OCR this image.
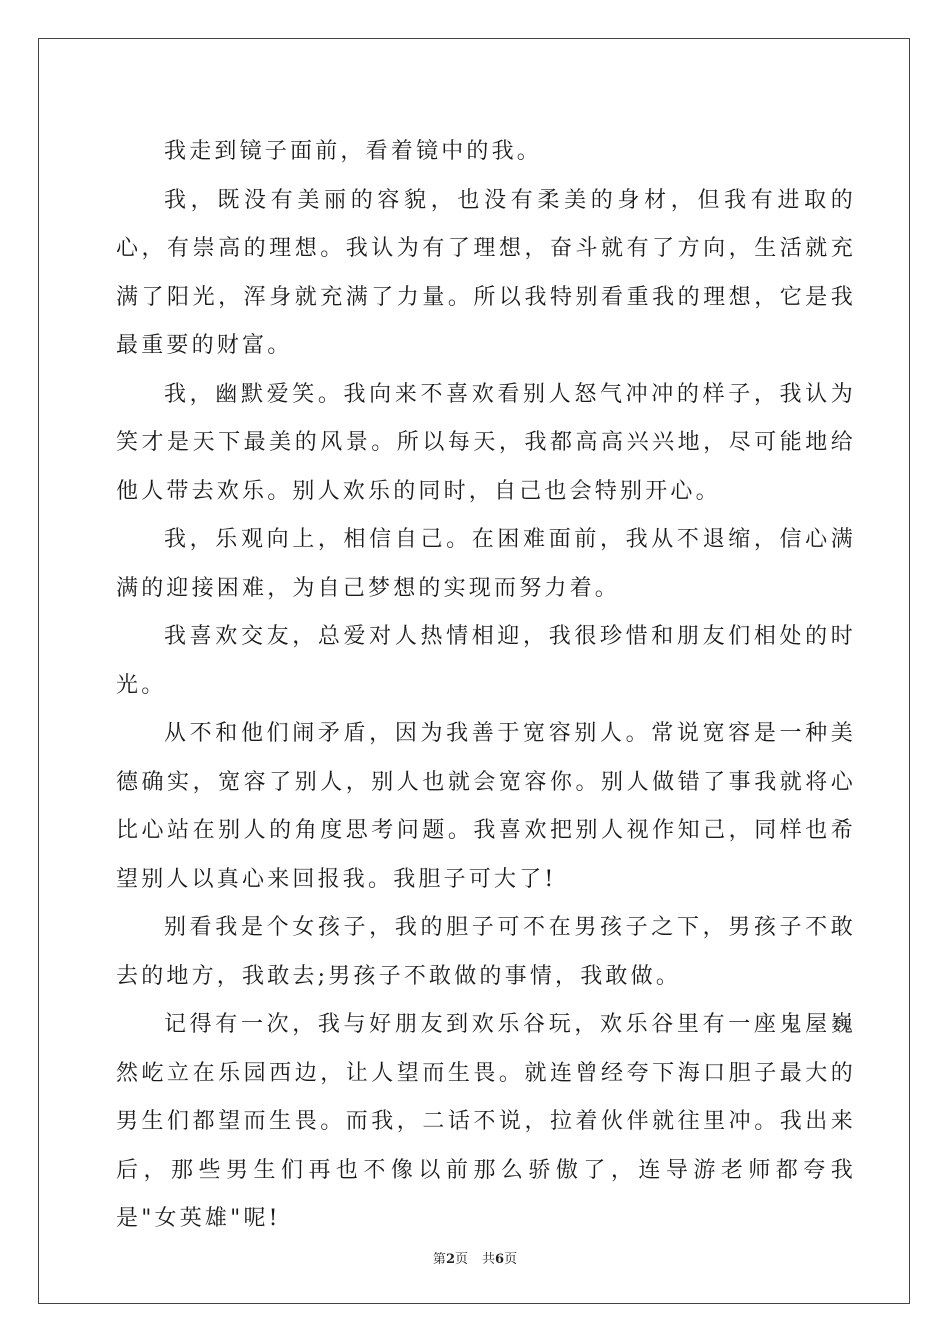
我走到镜子面前，看着镜中的我。

我，既没有美丽的容貌，也没有柔美的身材，但我有进取的心，有崇高的理想。我认为有了理想，奋斗就有了方向，生活就充满了阳光，浑身就充满了力量。所以我特别看重我的理想，它是我最重要的财富。

我，幽默爱笑。我向来不喜欢看别人怒气冲冲的样子，我认为笑才是天下最美的风景。所以每天，我都高高兴兴地，尽可能地给他人带去欢乐。别人欢乐的同时，自己也会特别开心。

我，乐观向上，相信自己。在困难面前，我从不退缩，信心满满的迎接困难，为自己梦想的实现而努力着。

我喜欢交友，总爱对人热情相迎，我很珍惜和朋友们相处的时光。

从不和他们闹矛盾，因为我善于宽容别人。常说宽容是一种美德确实，宽容了别人，别人也就会宽容你。别人做错了事我就将心比心站在别人的角度思考问题。我喜欢把别人视作知己，同样也希望别人以真心来回报我。我胆子可大了!

别看我是个女孩子，我的胆子可不在男孩子之下，男孩子不敢去的地方，我敢去;男孩子不敢做的事情，我敢做。

记得有一次，我与好朋友到欢乐谷玩，欢乐谷里有一座鬼屋巍然屹立在乐园西边，让人望而生畏。就连曾经夸下海口胆子最大的男生们都望而生畏。而我，二话不说，拉着伙伴就往里冲。我出来后，那些男生们再也不像以前那么骄傲了，连导游老师都夸我是"女英雄"呢!

第2页 共6页
